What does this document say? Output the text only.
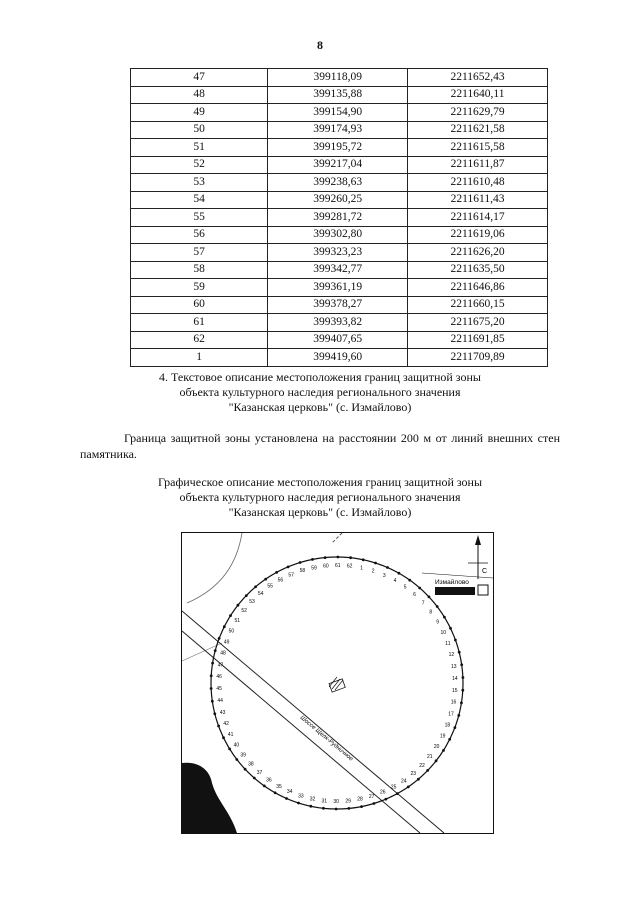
8
47	399118,09	2211652,43
48	399135,88	2211640,11
49	399154,90	2211629,79
50	399174,93	2211621,58
51	399195,72	2211615,58
52	399217,04	2211611,87
53	399238,63	2211610,48
54	399260,25	2211611,43
55	399281,72	2211614,17
56	399302,80	2211619,06
57	399323,23	2211626,20
58	399342,77	2211635,50
59	399361,19	2211646,86
60	399378,27	2211660,15
61	399393,82	2211675,20
62	399407,65	2211691,85
1	399419,60	2211709,89
4. Текстовое описание местоположения границ защитной зоны
объекта культурного наследия регионального значения
"Казанская церковь" (с. Измайлово)
Граница защитной зоны установлена на расстоянии 200 м от линий внешних стен памятника.
Графическое описание местоположения границ защитной зоны
объекта культурного наследия регионального значения
"Казанская церковь" (с. Измайлово)
С
Измайлово
Шоссе Щелк-Рудничное
1
2
3
4
5
6
7
8
9
10
11
12
13
14
15
16
17
18
19
20
21
22
23
24
25
26
27
28
29
30
31
32
33
34
35
36
37
38
39
40
41
42
43
44
45
46
47
48
49
50
51
52
53
54
55
56
57
58 59 60 61 62
